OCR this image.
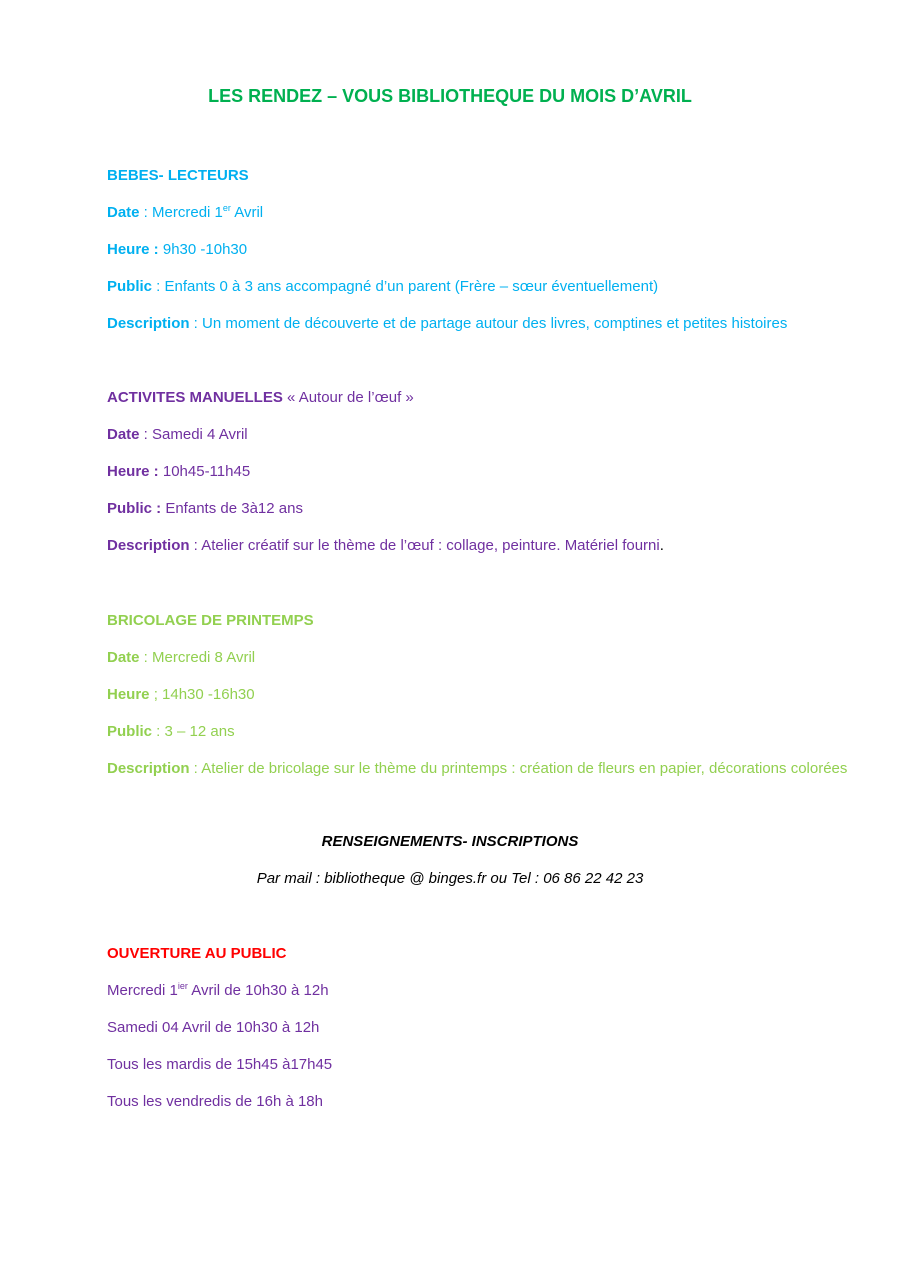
LES RENDEZ – VOUS BIBLIOTHEQUE DU MOIS D’AVRIL
BEBES- LECTEURS
Date : Mercredi 1er Avril
Heure : 9h30 -10h30
Public : Enfants 0 à 3 ans accompagné d’un parent (Frère – sœur éventuellement)
Description : Un moment de découverte et de partage autour des livres, comptines et petites histoires
ACTIVITES MANUELLES « Autour de l’œuf »
Date : Samedi 4 Avril
Heure : 10h45-11h45
Public : Enfants de 3à12 ans
Description : Atelier créatif sur le thème de l’œuf : collage, peinture. Matériel fourni.
BRICOLAGE DE PRINTEMPS
Date : Mercredi 8 Avril
Heure ; 14h30 -16h30
Public : 3 – 12 ans
Description : Atelier de bricolage sur le thème du printemps : création de fleurs en papier, décorations colorées
RENSEIGNEMENTS- INSCRIPTIONS
Par mail : bibliotheque @ binges.fr ou Tel : 06 86 22 42 23
OUVERTURE AU PUBLIC
Mercredi $1^{ier}$ Avril de 10h30 à 12h
Samedi 04 Avril de 10h30 à 12h
Tous les mardis de 15h45 à17h45
Tous les vendredis de 16h à 18h
